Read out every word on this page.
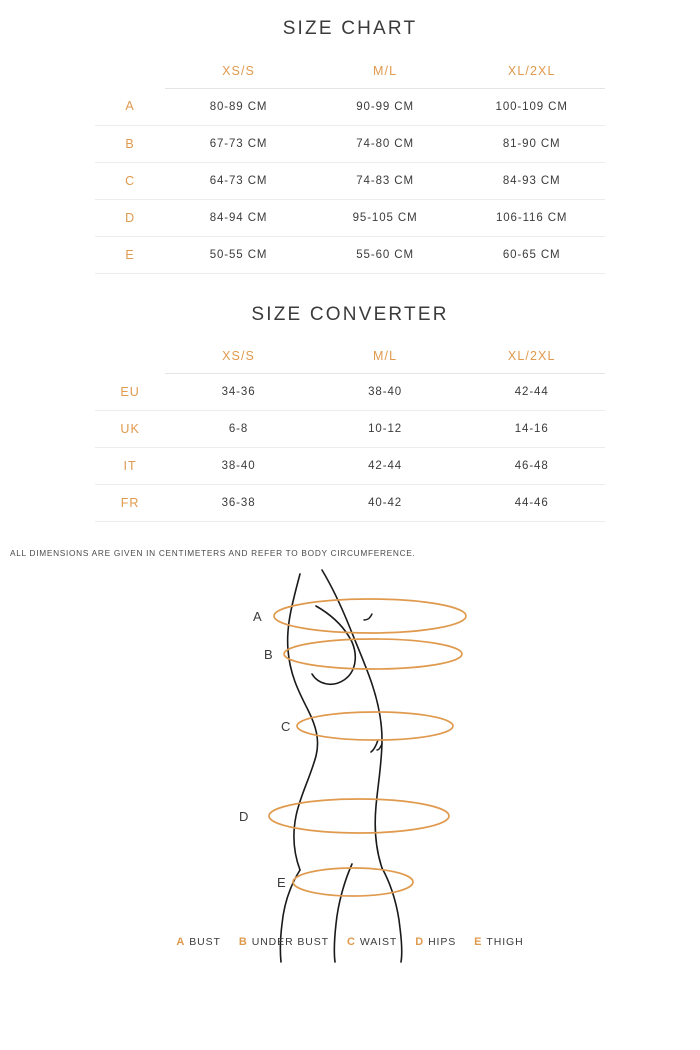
SIZE CHART
	XS/S	M/L	XL/2XL
A	80-89 CM	90-99 CM	100-109 CM
B	67-73 CM	74-80 CM	81-90 CM
C	64-73 CM	74-83 CM	84-93 CM
D	84-94 CM	95-105 CM	106-116 CM
E	50-55 CM	55-60 CM	60-65 CM
SIZE CONVERTER
	XS/S	M/L	XL/2XL
EU	34-36	38-40	42-44
UK	6-8	10-12	14-16
IT	38-40	42-44	46-48
FR	36-38	40-42	44-46
ALL DIMENSIONS ARE GIVEN IN CENTIMETERS AND REFER TO BODY CIRCUMFERENCE.
A
B
C
D
E
A BUST B UNDER BUST C WAIST D HIPS E THIGH
